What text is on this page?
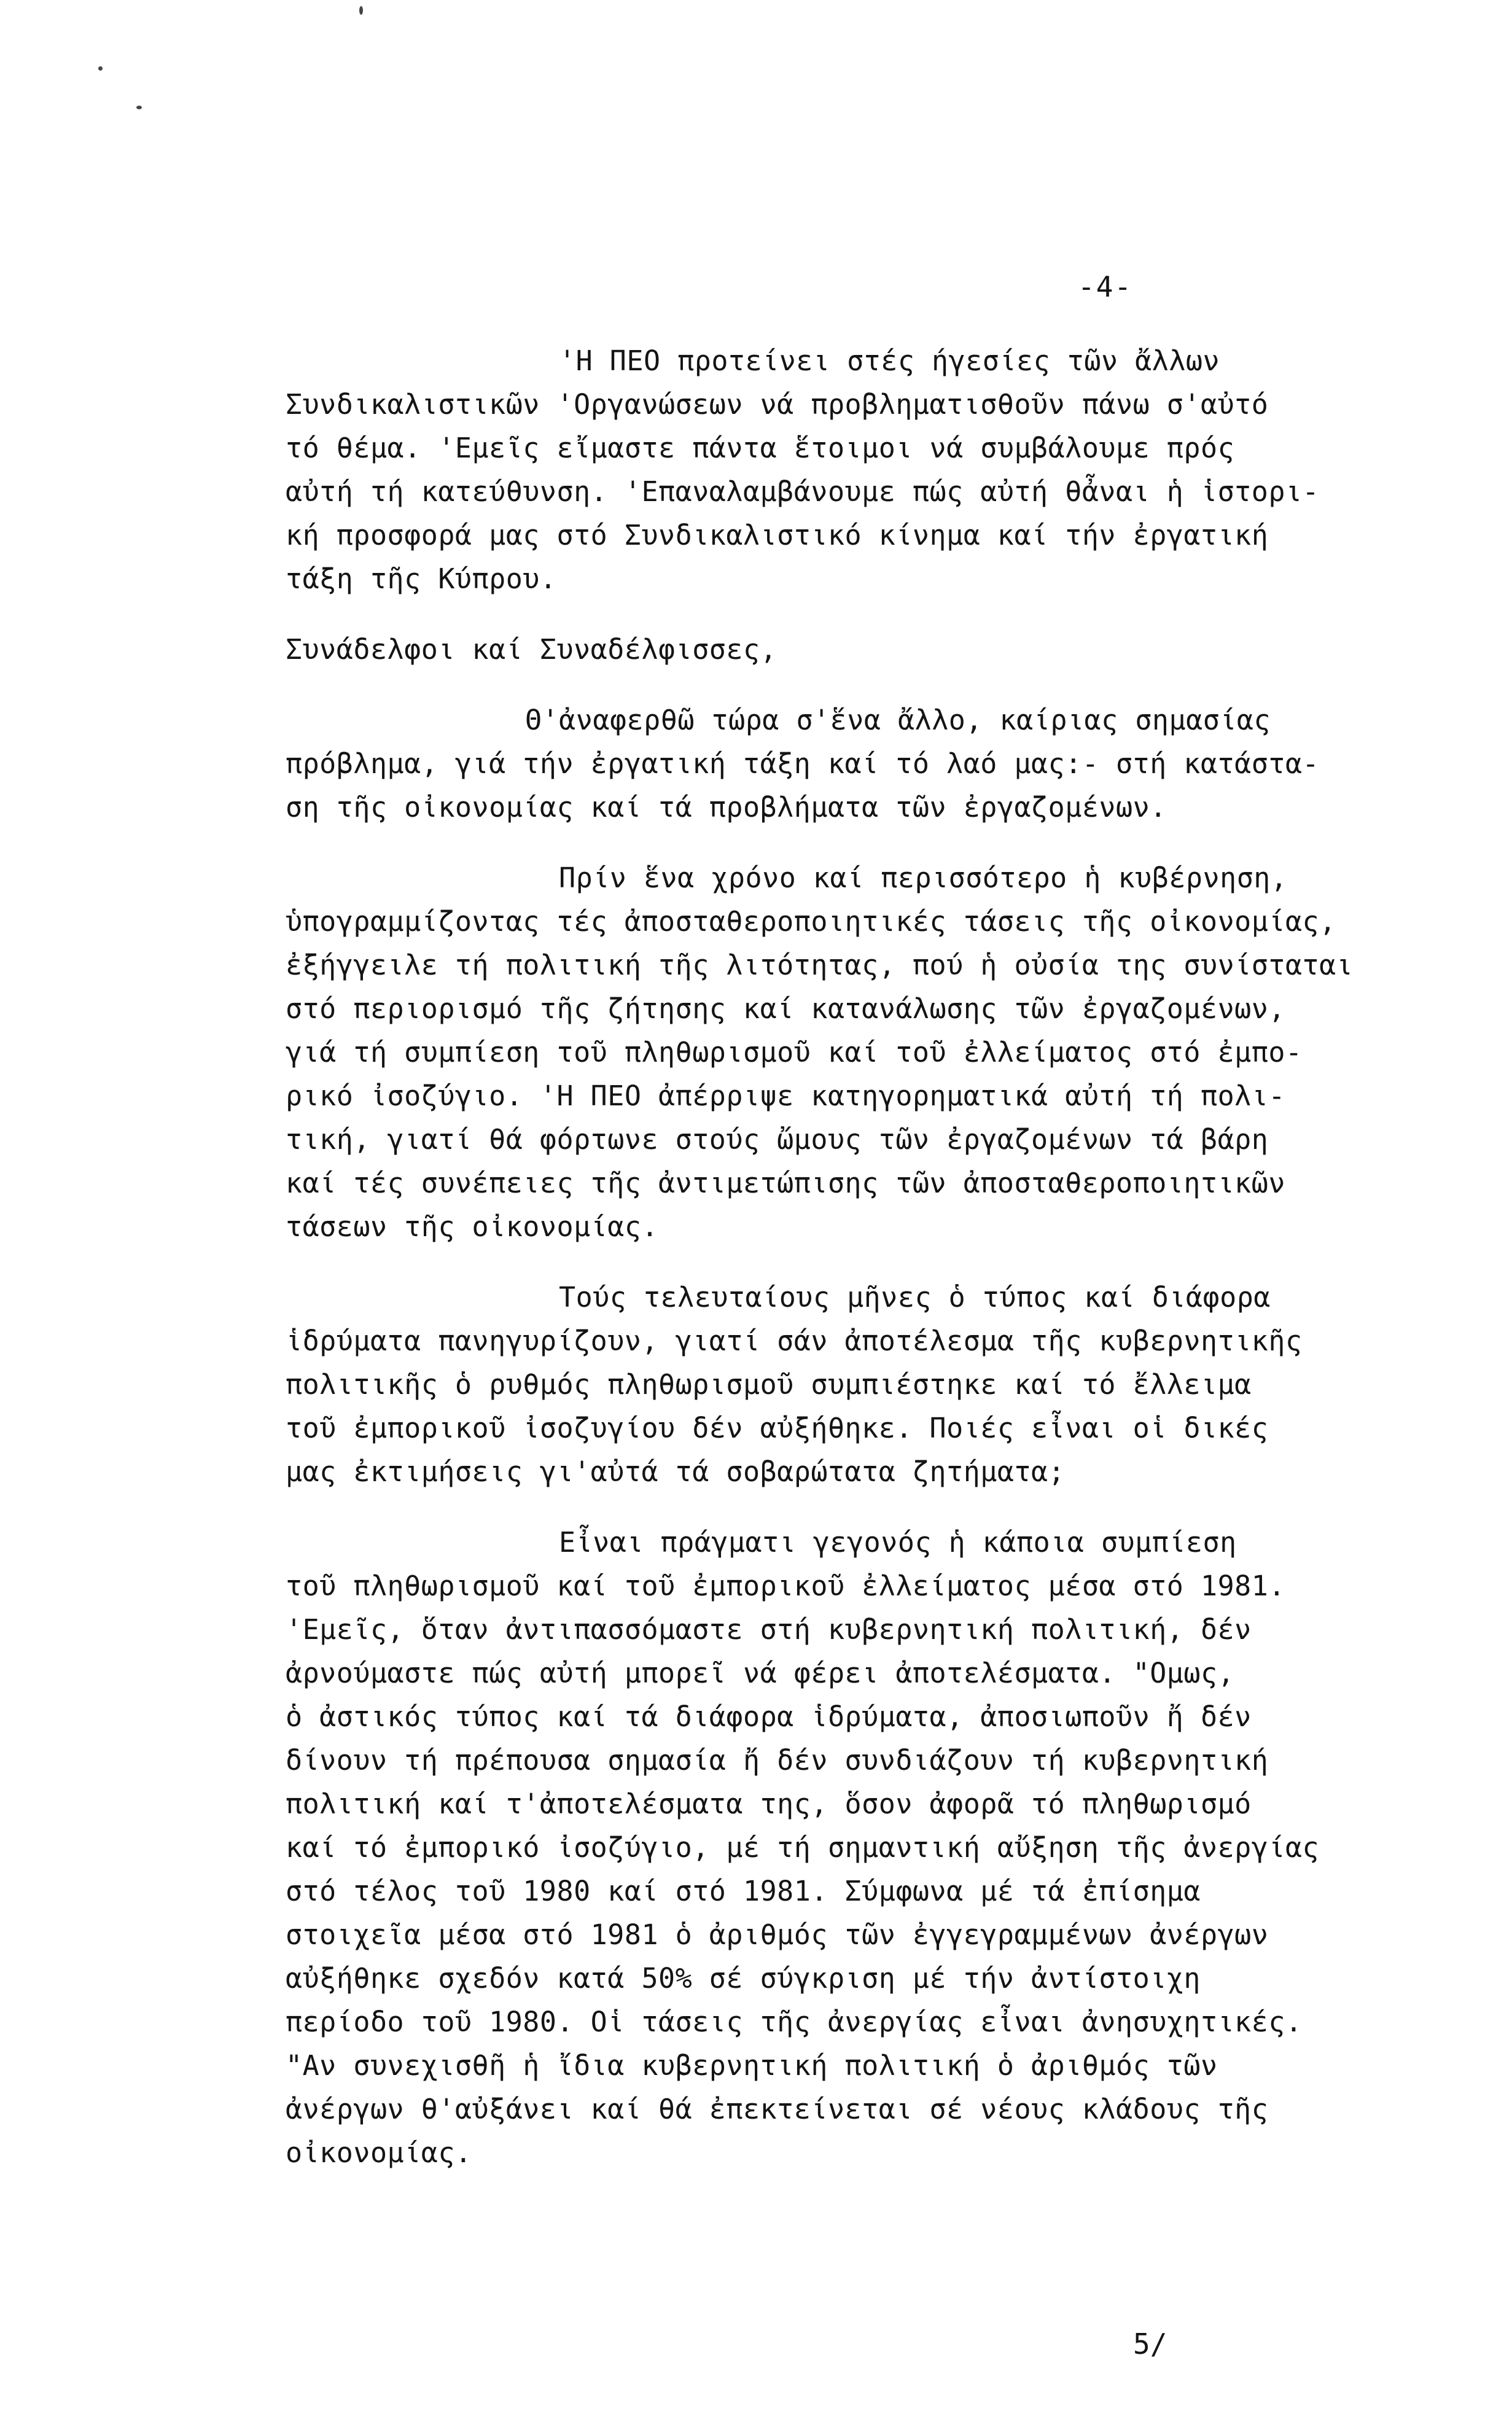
-4-
'Η ΠΕΟ προτείνει στές ήγεσίες τῶν ἄλλων
Συνδικαλιστικῶν 'Οργανώσεων νά προβληματισθοῦν πάνω σ'αὐτό
τό θέμα. 'Εμεῖς εἴμαστε πάντα ἕτοιμοι νά συμβάλουμε πρός
αὐτή τή κατεύθυνση. 'Επαναλαμβάνουμε πώς αὐτή θἆναι ἡ ἱστορι-
κή προσφορά μας στό Συνδικαλιστικό κίνημα καί τήν ἐργατική
τάξη τῆς Κύπρου.
Συνάδελφοι καί Συναδέλφισσες,
Θ'ἀναφερθῶ τώρα σ'ἕνα ἄλλο, καίριας σημασίας
πρόβλημα, γιά τήν ἐργατική τάξη καί τό λαό μας:- στή κατάστα-
ση τῆς οἰκονομίας καί τά προβλήματα τῶν ἐργαζομένων.
Πρίν ἕνα χρόνο καί περισσότερο ἡ κυβέρνηση,
ὑπογραμμίζοντας τές ἀποσταθεροποιητικές τάσεις τῆς οἰκονομίας,
ἐξήγγειλε τή πολιτική τῆς λιτότητας, πού ἡ οὐσία της συνίσταται
στό περιορισμό τῆς ζήτησης καί κατανάλωσης τῶν ἐργαζομένων,
γιά τή συμπίεση τοῦ πληθωρισμοῦ καί τοῦ ἐλλείματος στό ἐμπο-
ρικό ἰσοζύγιο. 'Η ΠΕΟ ἀπέρριψε κατηγορηματικά αὐτή τή πολι-
τική, γιατί θά φόρτωνε στούς ὤμους τῶν ἐργαζομένων τά βάρη
καί τές συνέπειες τῆς ἀντιμετώπισης τῶν ἀποσταθεροποιητικῶν
τάσεων τῆς οἰκονομίας.
Τούς τελευταίους μῆνες ὁ τύπος καί διάφορα
ἱδρύματα πανηγυρίζουν, γιατί σάν ἀποτέλεσμα τῆς κυβερνητικῆς
πολιτικῆς ὁ ρυθμός πληθωρισμοῦ συμπιέστηκε καί τό ἔλλειμα
τοῦ ἐμπορικοῦ ἰσοζυγίου δέν αὐξήθηκε. Ποιές εἶναι οἱ δικές
μας ἐκτιμήσεις γι'αὐτά τά σοβαρώτατα ζητήματα;
Εἶναι πράγματι γεγονός ἡ κάποια συμπίεση
τοῦ πληθωρισμοῦ καί τοῦ ἐμπορικοῦ ἐλλείματος μέσα στό 1981.
'Εμεῖς, ὅταν ἀντιπασσόμαστε στή κυβερνητική πολιτική, δέν
ἀρνούμαστε πώς αὐτή μπορεῖ νά φέρει ἀποτελέσματα. "Ομως,
ὁ ἀστικός τύπος καί τά διάφορα ἱδρύματα, ἀποσιωποῦν ἤ δέν
δίνουν τή πρέπουσα σημασία ἤ δέν συνδιάζουν τή κυβερνητική
πολιτική καί τ'ἀποτελέσματα της, ὅσον ἀφορᾶ τό πληθωρισμό
καί τό ἐμπορικό ἰσοζύγιο, μέ τή σημαντική αὔξηση τῆς ἀνεργίας
στό τέλος τοῦ 1980 καί στό 1981. Σύμφωνα μέ τά ἐπίσημα
στοιχεῖα μέσα στό 1981 ὁ ἀριθμός τῶν ἐγγεγραμμένων ἀνέργων
αὐξήθηκε σχεδόν κατά 50% σέ σύγκριση μέ τήν ἀντίστοιχη
περίοδο τοῦ 1980. Οἱ τάσεις τῆς ἀνεργίας εἶναι ἀνησυχητικές.
"Αν συνεχισθῆ ἡ ἴδια κυβερνητική πολιτική ὁ ἀριθμός τῶν
ἀνέργων θ'αὐξάνει καί θά ἐπεκτείνεται σέ νέους κλάδους τῆς
οἰκονομίας.
5/
